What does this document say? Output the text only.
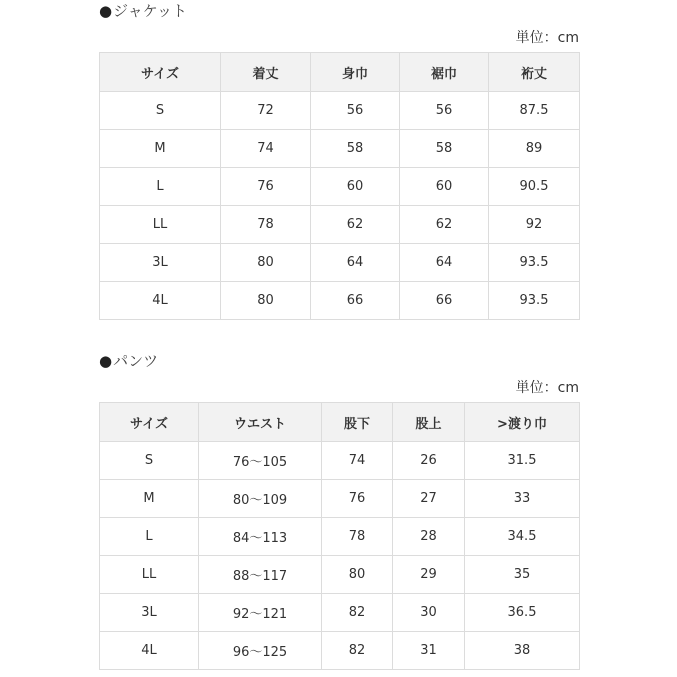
●ジャケット
単位：cm
サイズ	着丈	身巾	裾巾	裄丈
S	72	56	56	87.5
M	74	58	58	89
L	76	60	60	90.5
LL	78	62	62	92
3L	80	64	64	93.5
4L	80	66	66	93.5
●パンツ
単位：cm
サイズ	ウエスト	股下	股上	>渡り巾
S	76～105	74	26	31.5
M	80～109	76	27	33
L	84～113	78	28	34.5
LL	88～117	80	29	35
3L	92～121	82	30	36.5
4L	96～125	82	31	38
